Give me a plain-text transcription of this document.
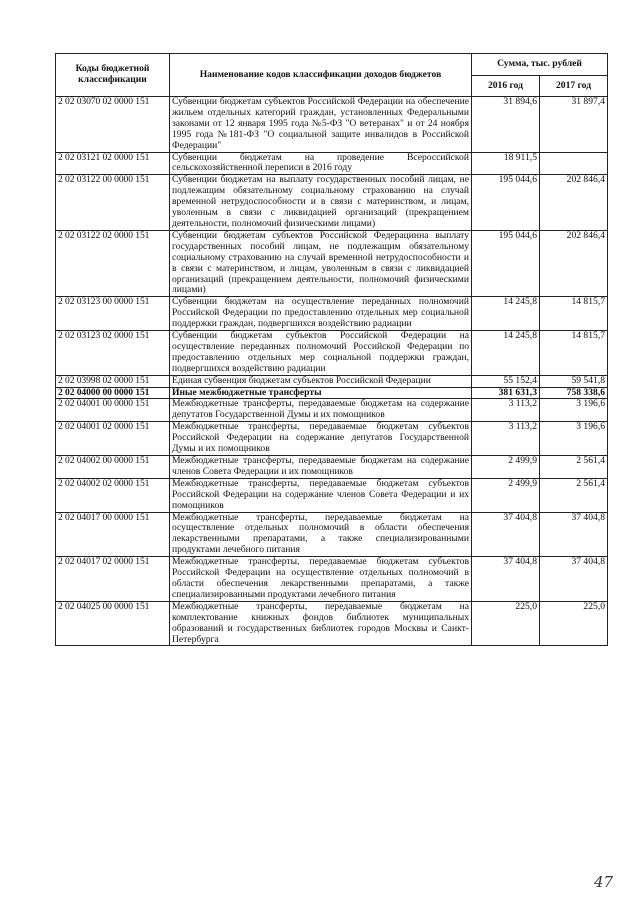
Коды бюджетной классификации	Наименование кодов классификации доходов бюджетов	Сумма, тыс. рублей	
		2016 год	2017 год
2 02 03070 02 0000 151	Субвенции бюджетам субъектов Российской Федерации на обеспечение жильем отдельных категорий граждан, установленных Федеральными законами от 12 января 1995 года №5-ФЗ "О ветеранах" и от 24 ноября 1995 года №181-ФЗ "О социальной защите инвалидов в Российской Федерации"	31 894,6	31 897,4
2 02 03121 02 0000 151	Субвенции бюджетам на проведение Всероссийской сельскохозяйственной переписи в 2016 году	18 911,5	
2 02 03122 00 0000 151	Субвенции бюджетам на выплату государственных пособий лицам, не подлежащим обязательному социальному страхованию на случай временной нетрудоспособности и в связи с материнством, и лицам, уволенным в связи с ликвидацией организаций (прекращением деятельности, полномочий физическими лицами)	195 044,6	202 846,4
2 02 03122 02 0000 151	Субвенции бюджетам субъектов Российской Федерацинна выплату государственных пособий лицам, не подлежащим обязательному социальному страхованию на случай временной нетрудоспособности и в связи с материнством, и лицам, уволенным в связи с ликвидацией организаций (прекращением деятельности, полномочий физическими лицами)	195 044,6	202 846,4
2 02 03123 00 0000 151	Субвенции бюджетам на осуществление переданных полномочий Российской Федерации по предоставлению отдельных мер социальной поддержки граждан, подвергшихся воздействию радиации	14 245,8	14 815,7
2 02 03123 02 0000 151	Субвенции бюджетам субъектов Российской Федерации на осуществление переданных полномочий Российской Федерации по предоставлению отдельных мер социальной поддержки граждан, подвергшихся воздействию радиации	14 245,8	14 815,7
2 02 03998 02 0000 151	Единая субвенция бюджетам субъектов Российской Федерации	55 152,4	59 541,8
2 02 04000 00 0000 151	Иные межбюджетные трансферты	381 631,3	758 338,6
2 02 04001 00 0000 151	Межбюджетные трансферты, передаваемые бюджетам на содержание депутатов Государственной Думы и их помощников	3 113,2	3 196,6
2 02 04001 02 0000 151	Межбюджетные трансферты, передаваемые бюджетам субъектов Российской Федерации на содержание депутатов Государственной Думы и их помощников	3 113,2	3 196,6
2 02 04002 00 0000 151	Межбюджетные трансферты, передаваемые бюджетам на содержание членов Совета Федерации и их помощников	2 499,9	2 561,4
2 02 04002 02 0000 151	Межбюджетные трансферты, передаваемые бюджетам субъектов Российской Федерации на содержание членов Совета Федерации и их помощников	2 499,9	2 561,4
2 02 04017 00 0000 151	Межбюджетные трансферты, передаваемые бюджетам на осуществление отдельных полномочий в области обеспечения лекарственными препаратами, а также специализированными продуктами лечебного питания	37 404,8	37 404,8
2 02 04017 02 0000 151	Межбюджетные трансферты, передаваемые бюджетам субъектов Российской Федерации на осуществление отдельных полномочий в области обеспечения лекарственными препаратами, а также специализированными продуктами лечебного питания	37 404,8	37 404,8
2 02 04025 00 0000 151	Межбюджетные трансферты, передаваемые бюджетам на комплектование книжных фондов библиотек муниципальных образований и государственных библиотек городов Москвы и Санкт-Петербурга	225,0	225,0
47
